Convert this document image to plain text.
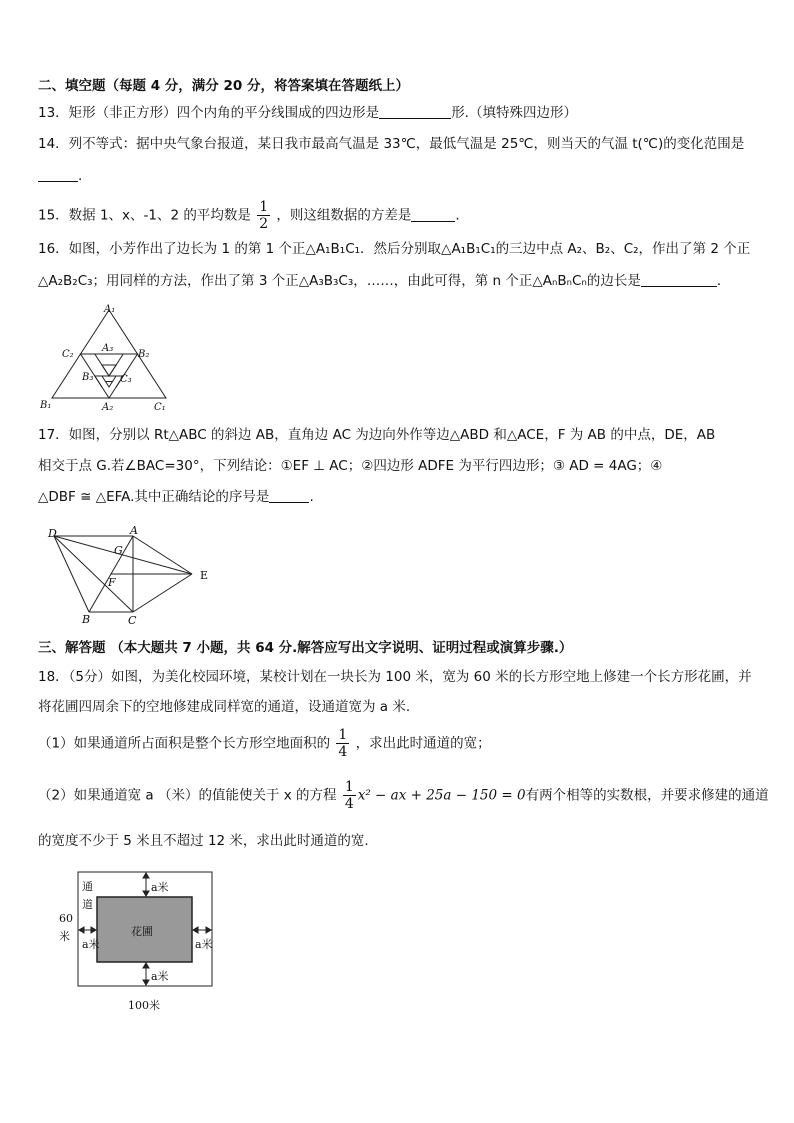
二、填空题（每题 4 分，满分 20 分，将答案填在答题纸上）
13．矩形（非正方形）四个内角的平分线围成的四边形是	形.（填特殊四边形）
14．列不等式：据中央气象台报道，某日我市最高气温是 33℃，最低气温是 25℃，则当天的气温 t(℃)的变化范围是
.
15．数据 1、x、-1、2 的平均数是 $\frac{1}{2}$ ，则这组数据的方差是	.
16．如图，小芳作出了边长为 1 的第 1 个正△A₁B₁C₁．然后分别取△A₁B₁C₁的三边中点 A₂、B₂、C₂，作出了第 2 个正
△A₂B₂C₃；用同样的方法，作出了第 3 个正△A₃B₃C₃，……，由此可得，第 n 个正△AₙBₙCₙ的边长是	.
A₁
C₂	B₂
A₃
B₃	C₃
B₁	A₂	C₁
17．如图，分别以 Rt△ABC 的斜边 AB，直角边 AC 为边向外作等边△ABD 和△ACE，F 为 AB 的中点，DE，AB
相交于点 G.若∠BAC=30°，下列结论：①EF ⊥ AC；②四边形 ADFE 为平行四边形；③ AD = 4AG；④
△DBF ≅ △EFA.其中正确结论的序号是	.
D	A
G
F
E
B	C
三、解答题 （本大题共 7 小题，共 64 分.解答应写出文字说明、证明过程或演算步骤.）
18．（5分）如图，为美化校园环境，某校计划在一块长为 100 米，宽为 60 米的长方形空地上修建一个长方形花圃，并
将花圃四周余下的空地修建成同样宽的通道，设通道宽为 a 米.
（1）如果通道所占面积是整个长方形空地面积的 $\frac{1}{4}$ ，求出此时通道的宽；
（2）如果通道宽 a （米）的值能使关于 x 的方程 $\frac{1}{4} x^2$ − ax + 25a − 150 = 0有两个相等的实数根，并要求修建的通道
的宽度不少于 5 米且不超过 12 米，求出此时通道的宽.
通
道
花圃
a米
a米	a米
a米
60
米
100米
